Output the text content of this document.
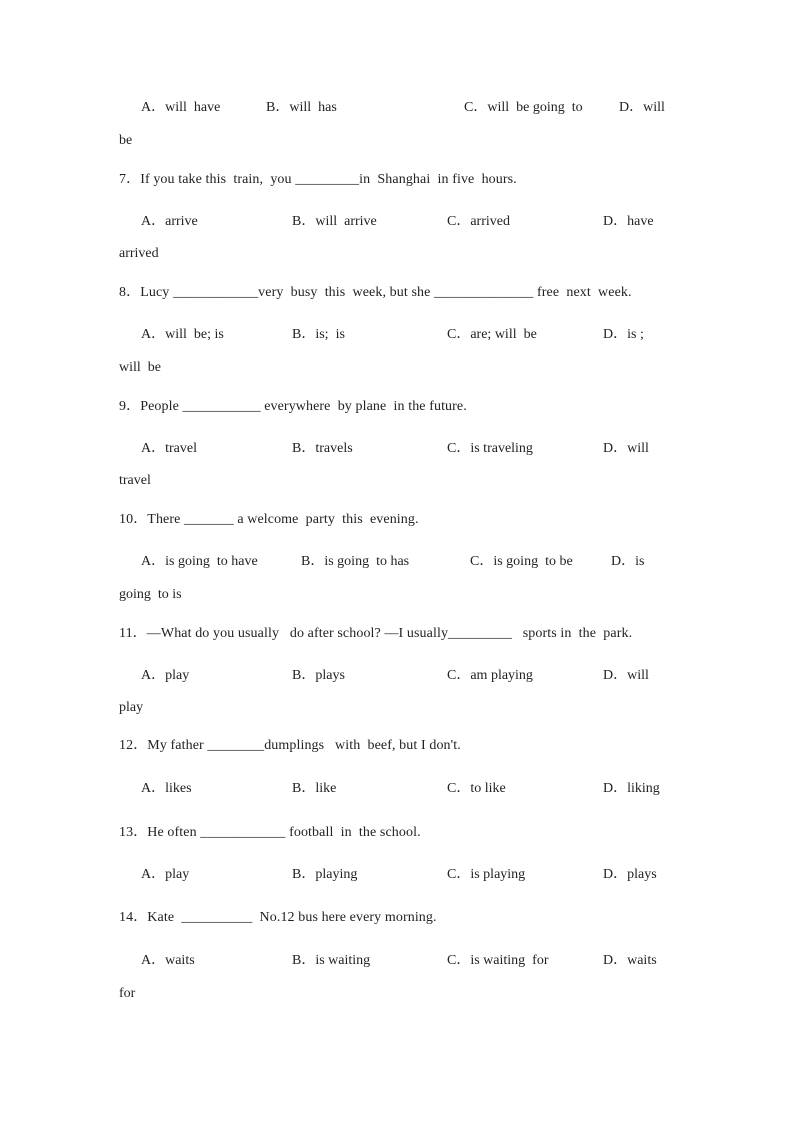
A．will  have	B．will  has	C．will  be going  to	D．will
be
7．If you take this  train,  you _________in  Shanghai  in five  hours.
A．arrive	B．will  arrive	C．arrived	D．have
arrived
8．Lucy ____________very  busy  this  week, but she ______________ free  next  week.
A．will  be; is	B．is;  is	C．are; will  be	D．is ;
will  be
9．People ___________ everywhere  by plane  in the future.
A．travel	B．travels	C．is traveling	D．will
travel
10．There _______ a welcome  party  this  evening.
A．is going  to have	B．is going  to has	C．is going  to be	D．is
going  to is
11．—What do you usually   do after school? —I usually_________   sports in  the  park.
A．play	B．plays	C．am playing	D．will
play
12．My father ________dumplings   with  beef, but I don't.
A．likes	B．like	C．to like	D．liking
13．He often ____________ football  in  the school.
A．play	B．playing	C．is playing	D．plays
14．Kate  __________  No.12 bus here every morning.
A．waits	B．is waiting	C．is waiting  for	D．waits
for
